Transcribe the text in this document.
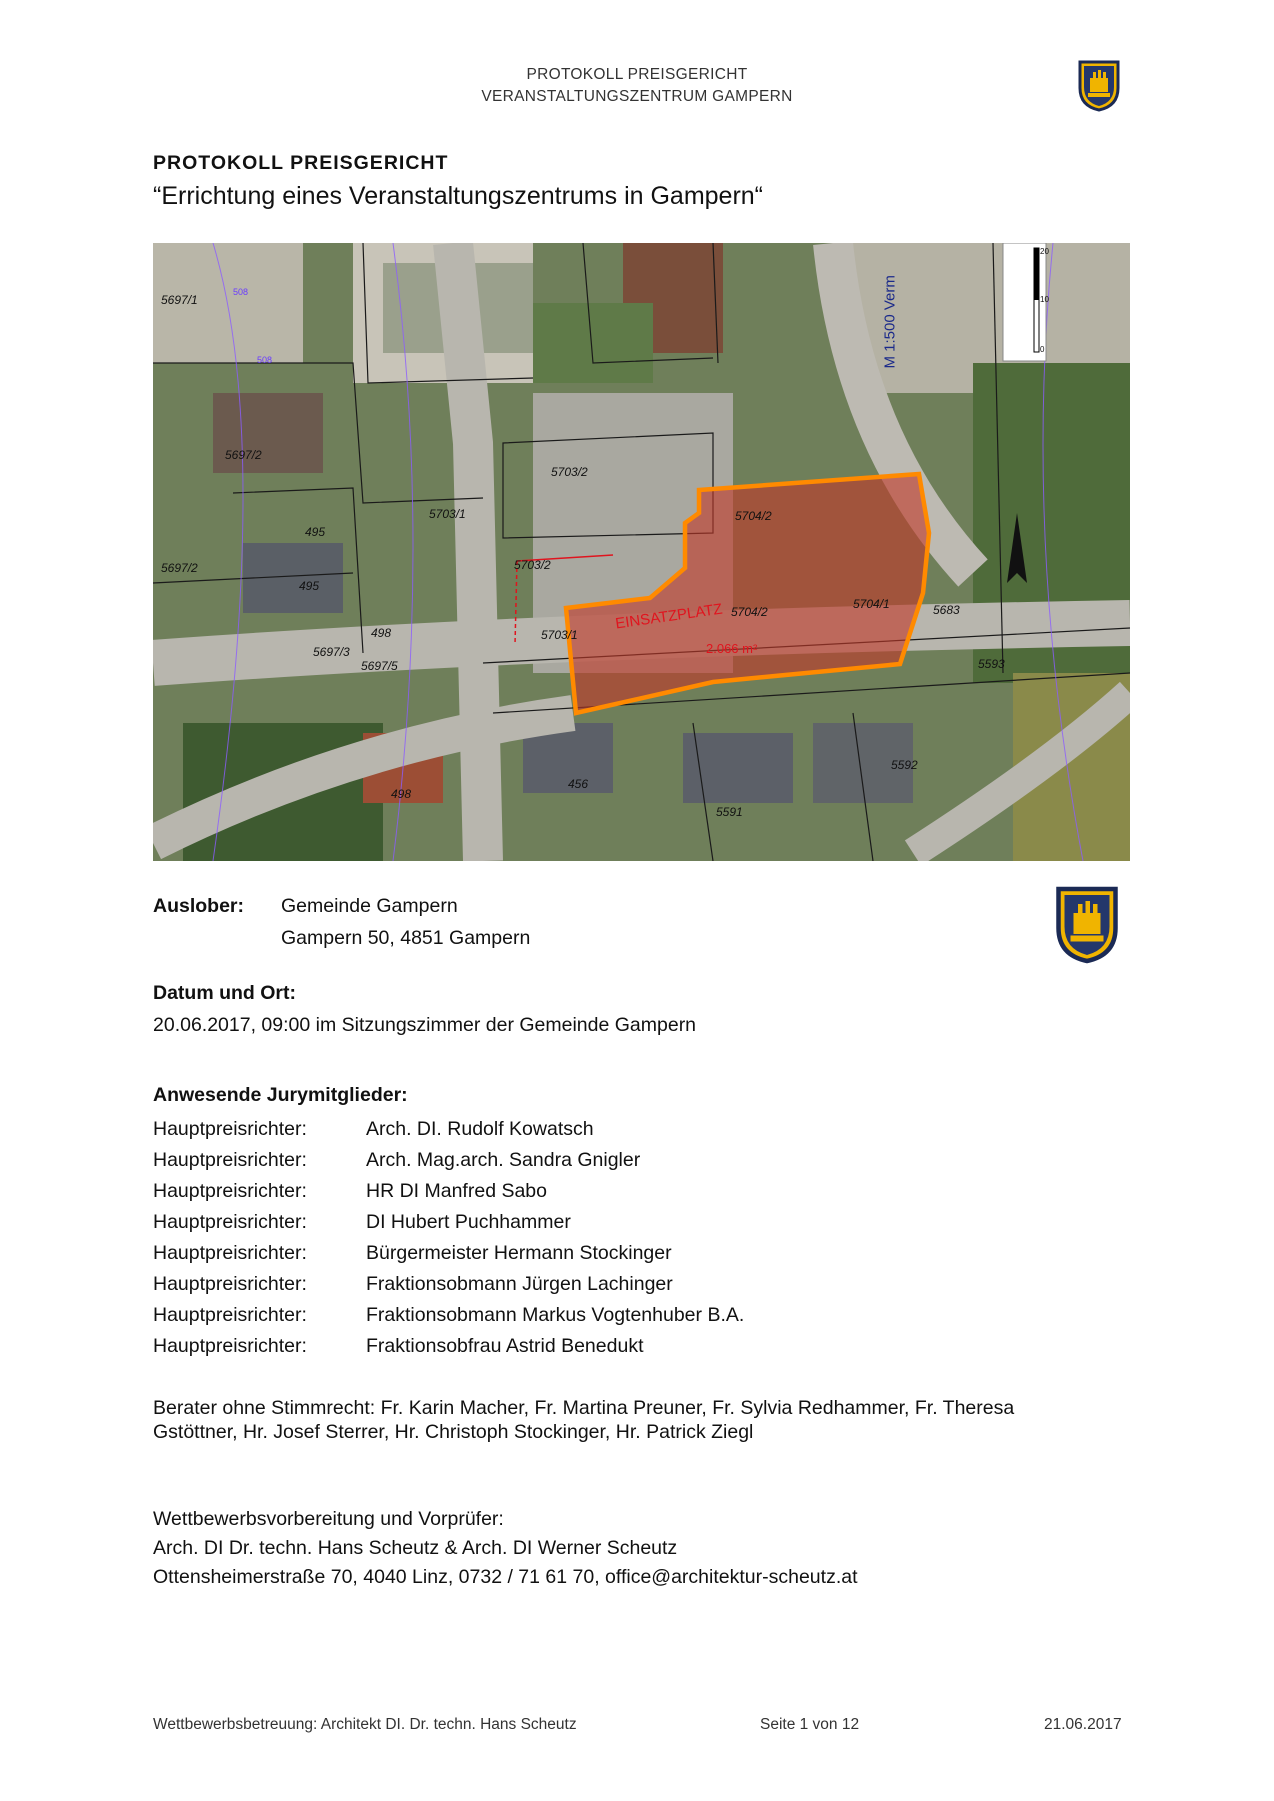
PROTOKOLL PREISGERICHT
VERANSTALTUNGSZENTRUM GAMPERN
PROTOKOLL PREISGERICHT
“Errichtung eines Veranstaltungszentrums in Gampern“
M 1:500 Verm	0
10
20
EINSATZPLATZ
2.066 m²
5697/1
5697/2
5697/2
495
495
5703/1
5703/2
5703/2
5704/2
5704/2
5704/1
5703/1
5697/3
5697/5
498
5593
5683
456
5591
5592
498
508
508
Auslober: Gemeinde Gampern
Gampern 50, 4851 Gampern
Datum und Ort:
20.06.2017, 09:00 im Sitzungszimmer der Gemeinde Gampern
Anwesende Jurymitglieder:
Hauptpreisrichter:	Arch. DI. Rudolf Kowatsch
Hauptpreisrichter:	Arch. Mag.arch. Sandra Gnigler
Hauptpreisrichter:	HR DI Manfred Sabo
Hauptpreisrichter:	DI Hubert Puchhammer
Hauptpreisrichter:	Bürgermeister Hermann Stockinger
Hauptpreisrichter:	Fraktionsobmann Jürgen Lachinger
Hauptpreisrichter:	Fraktionsobmann Markus Vogtenhuber B.A.
Hauptpreisrichter:	Fraktionsobfrau Astrid Benedukt
Berater ohne Stimmrecht: Fr. Karin Macher, Fr. Martina Preuner, Fr. Sylvia Redhammer, Fr. Theresa
Gstöttner, Hr. Josef Sterrer, Hr. Christoph Stockinger, Hr. Patrick Ziegl
Wettbewerbsvorbereitung und Vorprüfer:
Arch. DI Dr. techn. Hans Scheutz & Arch. DI Werner Scheutz
Ottensheimerstraße 70, 4040 Linz, 0732 / 71 61 70, office@architektur-scheutz.at
Wettbewerbsbetreuung: Architekt DI. Dr. techn. Hans Scheutz	Seite 1 von 12	21.06.2017
